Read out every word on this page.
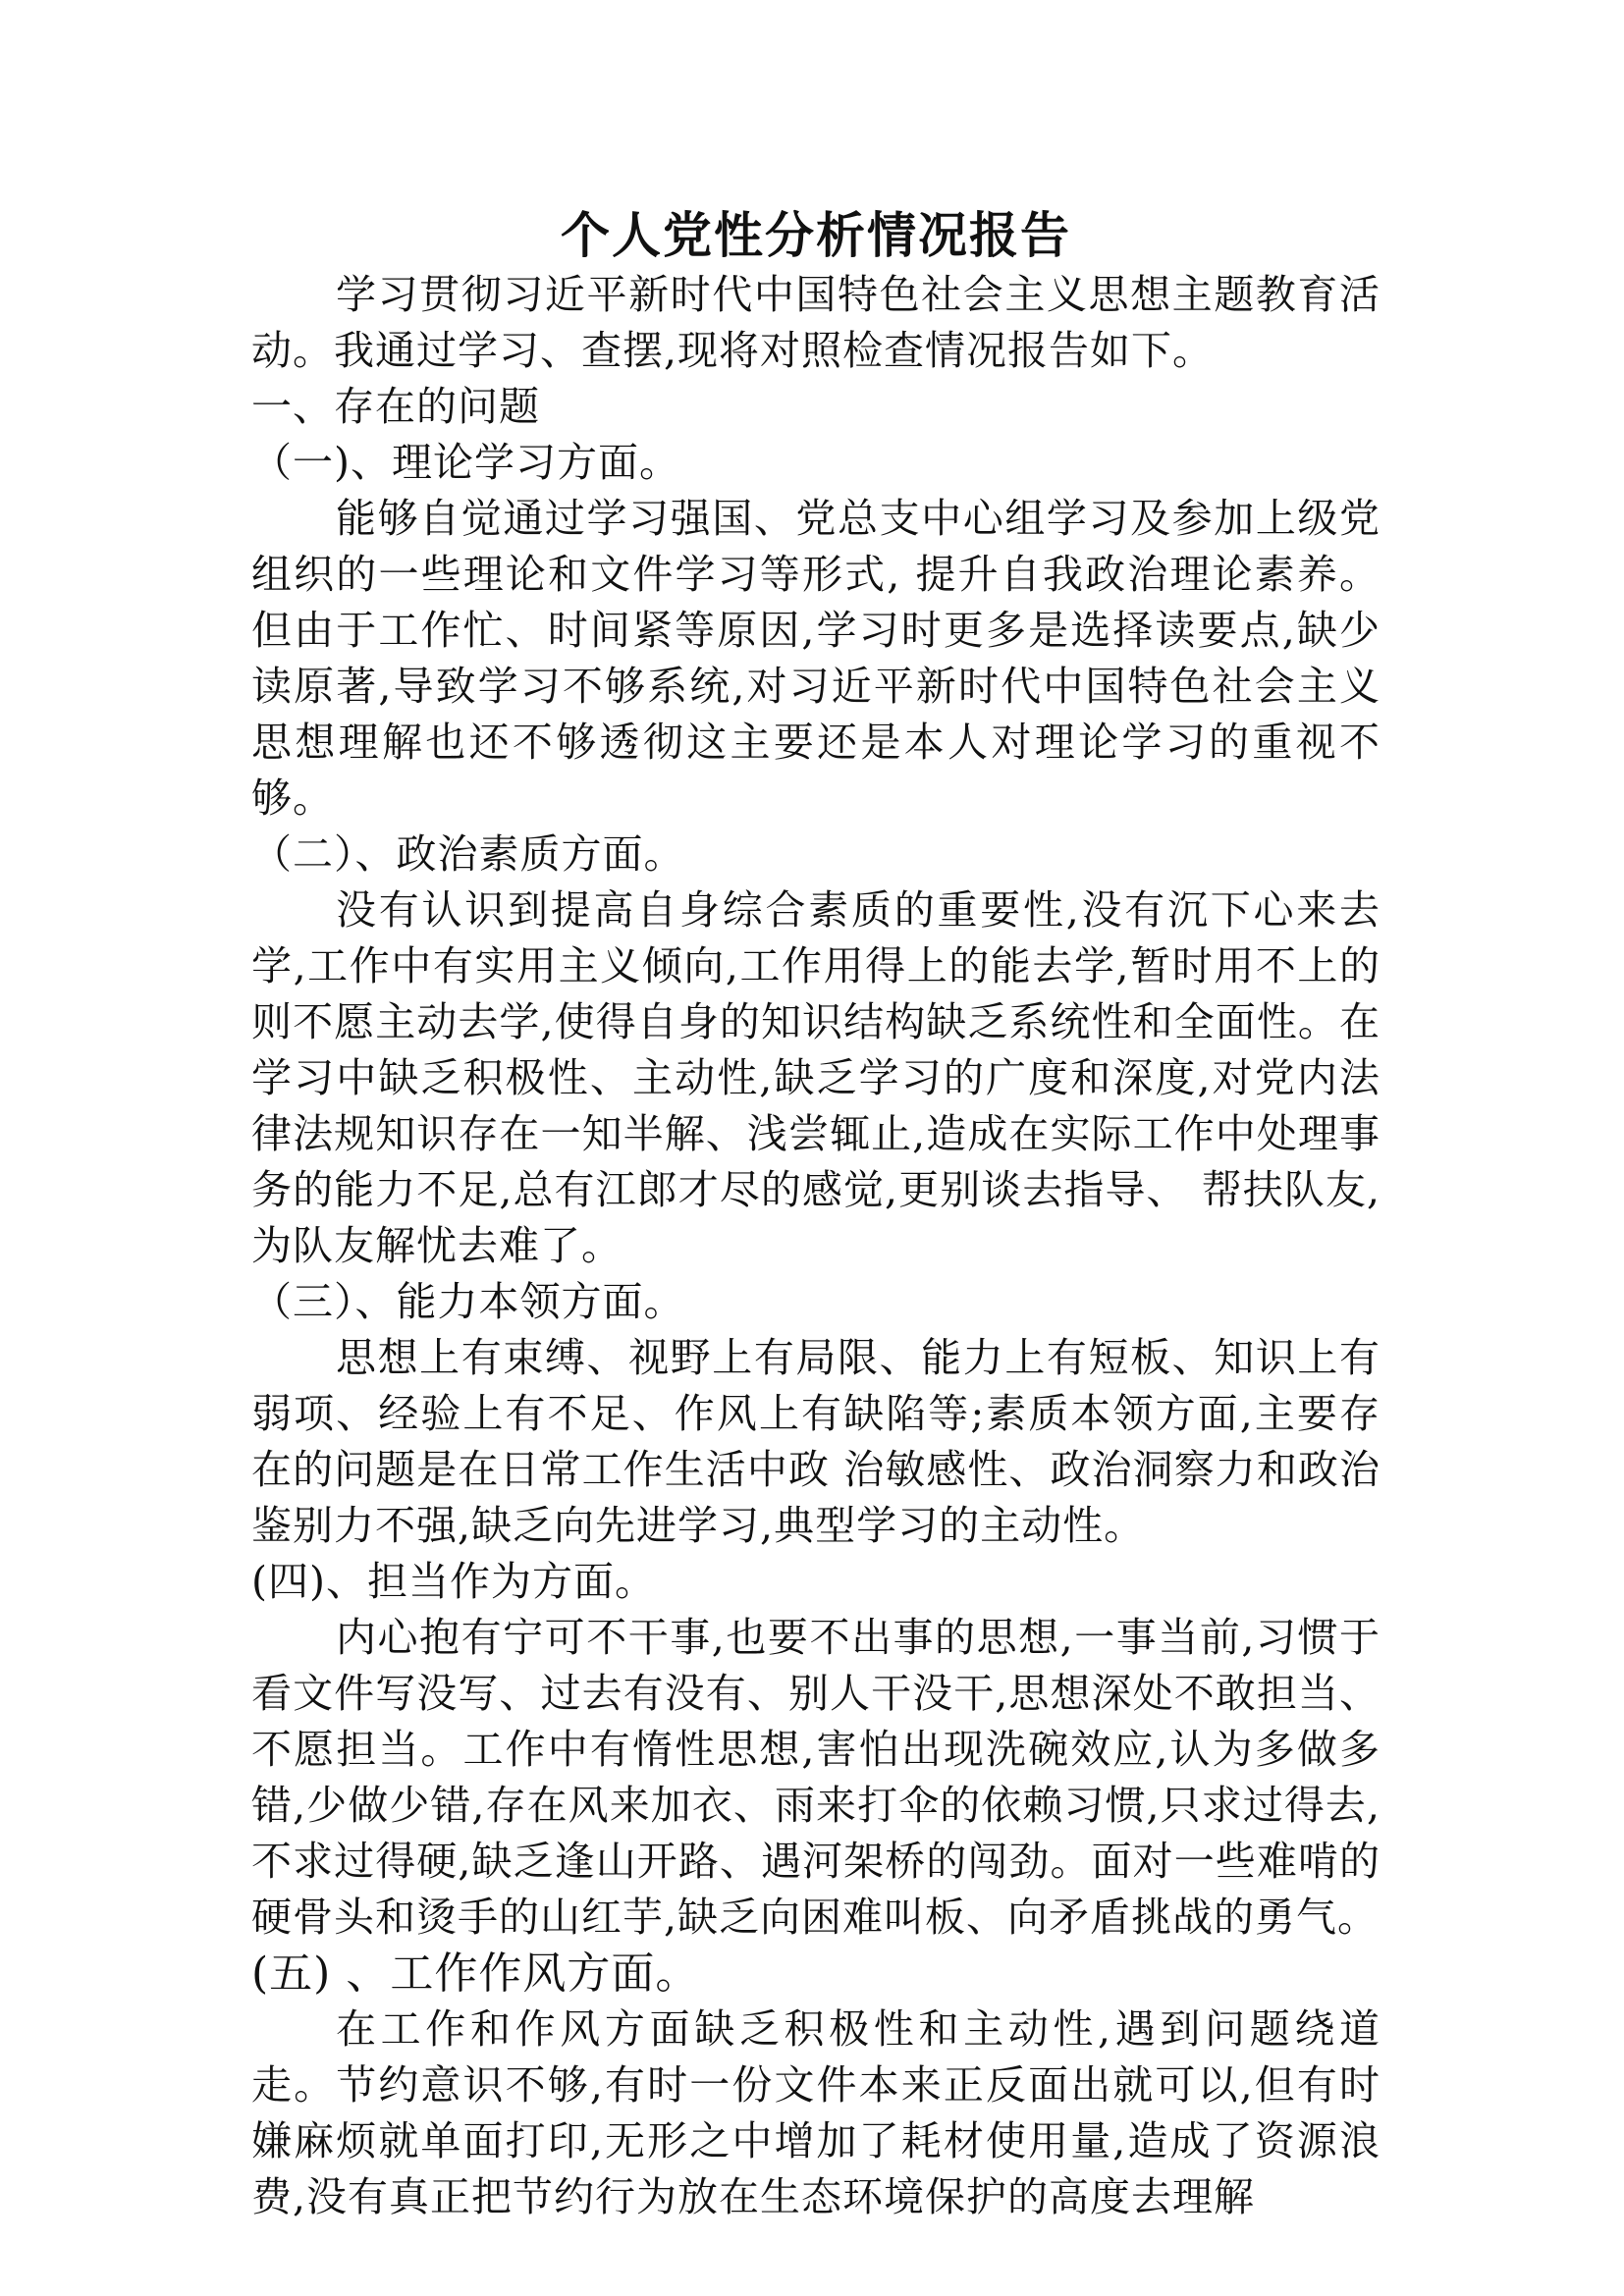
个人党性分析情况报告

学习贯彻习近平新时代中国特色社会主义思想主题教育活动。我通过学习、查摆,现将对照检查情况报告如下。

一、存在的问题

（一)、理论学习方面。

能够自觉通过学习强国、党总支中心组学习及参加上级党组织的一些理论和文件学习等形式, 提升自我政治理论素养。但由于工作忙、时间紧等原因,学习时更多是选择读要点,缺少读原著,导致学习不够系统,对习近平新时代中国特色社会主义思想理解也还不够透彻这主要还是本人对理论学习的重视不够。

（二）、政治素质方面。

没有认识到提高自身综合素质的重要性,没有沉下心来去学,工作中有实用主义倾向,工作用得上的能去学,暂时用不上的则不愿主动去学,使得自身的知识结构缺乏系统性和全面性。在学习中缺乏积极性、主动性,缺乏学习的广度和深度,对党内法律法规知识存在一知半解、浅尝辄止,造成在实际工作中处理事务的能力不足,总有江郎才尽的感觉,更别谈去指导、 帮扶队友,为队友解忧去难了。

（三）、能力本领方面。

思想上有束缚、视野上有局限、能力上有短板、知识上有弱项、经验上有不足、作风上有缺陷等;素质本领方面,主要存在的问题是在日常工作生活中政 治敏感性、政治洞察力和政治鉴别力不强,缺乏向先进学习,典型学习的主动性。

(四)、担当作为方面。

内心抱有宁可不干事,也要不出事的思想,一事当前,习惯于看文件写没写、过去有没有、别人干没干,思想深处不敢担当、不愿担当。工作中有惰性思想,害怕出现洗碗效应,认为多做多错,少做少错,存在风来加衣、雨来打伞的依赖习惯,只求过得去,不求过得硬,缺乏逢山开路、遇河架桥的闯劲。面对一些难啃的硬骨头和烫手的山红芋,缺乏向困难叫板、向矛盾挑战的勇气。

(五) 、工作作风方面。

在工作和作风方面缺乏积极性和主动性,遇到问题绕道走。节约意识不够,有时一份文件本来正反面出就可以,但有时嫌麻烦就单面打印,无形之中增加了耗材使用量,造成了资源浪费,没有真正把节约行为放在生态环境保护的高度去理解
